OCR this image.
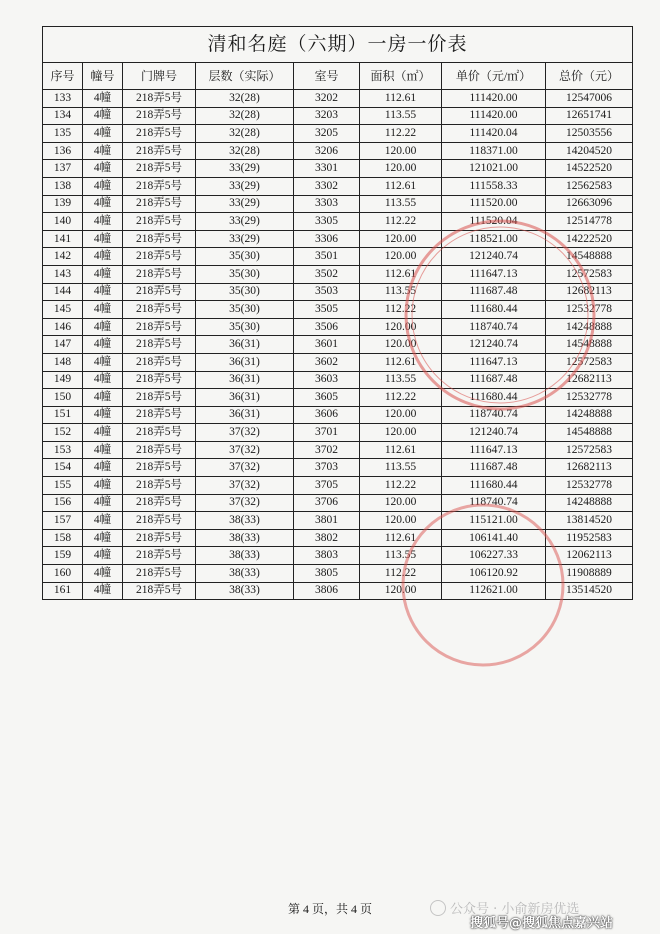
清和名庭（六期）一房一价表							
序号	幢号	门牌号	层数（实际）	室号	面积（㎡）	单价（元/㎡）	总价（元）
133	4幢	218弄5号	32(28)	3202	112.61	111420.00	12547006
134	4幢	218弄5号	32(28)	3203	113.55	111420.00	12651741
135	4幢	218弄5号	32(28)	3205	112.22	111420.04	12503556
136	4幢	218弄5号	32(28)	3206	120.00	118371.00	14204520
137	4幢	218弄5号	33(29)	3301	120.00	121021.00	14522520
138	4幢	218弄5号	33(29)	3302	112.61	111558.33	12562583
139	4幢	218弄5号	33(29)	3303	113.55	111520.00	12663096
140	4幢	218弄5号	33(29)	3305	112.22	111520.04	12514778
141	4幢	218弄5号	33(29)	3306	120.00	118521.00	14222520
142	4幢	218弄5号	35(30)	3501	120.00	121240.74	14548888
143	4幢	218弄5号	35(30)	3502	112.61	111647.13	12572583
144	4幢	218弄5号	35(30)	3503	113.55	111687.48	12682113
145	4幢	218弄5号	35(30)	3505	112.22	111680.44	12532778
146	4幢	218弄5号	35(30)	3506	120.00	118740.74	14248888
147	4幢	218弄5号	36(31)	3601	120.00	121240.74	14548888
148	4幢	218弄5号	36(31)	3602	112.61	111647.13	12572583
149	4幢	218弄5号	36(31)	3603	113.55	111687.48	12682113
150	4幢	218弄5号	36(31)	3605	112.22	111680.44	12532778
151	4幢	218弄5号	36(31)	3606	120.00	118740.74	14248888
152	4幢	218弄5号	37(32)	3701	120.00	121240.74	14548888
153	4幢	218弄5号	37(32)	3702	112.61	111647.13	12572583
154	4幢	218弄5号	37(32)	3703	113.55	111687.48	12682113
155	4幢	218弄5号	37(32)	3705	112.22	111680.44	12532778
156	4幢	218弄5号	37(32)	3706	120.00	118740.74	14248888
157	4幢	218弄5号	38(33)	3801	120.00	115121.00	13814520
158	4幢	218弄5号	38(33)	3802	112.61	106141.40	11952583
159	4幢	218弄5号	38(33)	3803	113.55	106227.33	12062113
160	4幢	218弄5号	38(33)	3805	112.22	106120.92	11908889
161	4幢	218弄5号	38(33)	3806	120.00	112621.00	13514520
第 4 页，共 4 页	公众号 · 小俞新房优选
搜狐号@搜狐焦点嘉兴站
